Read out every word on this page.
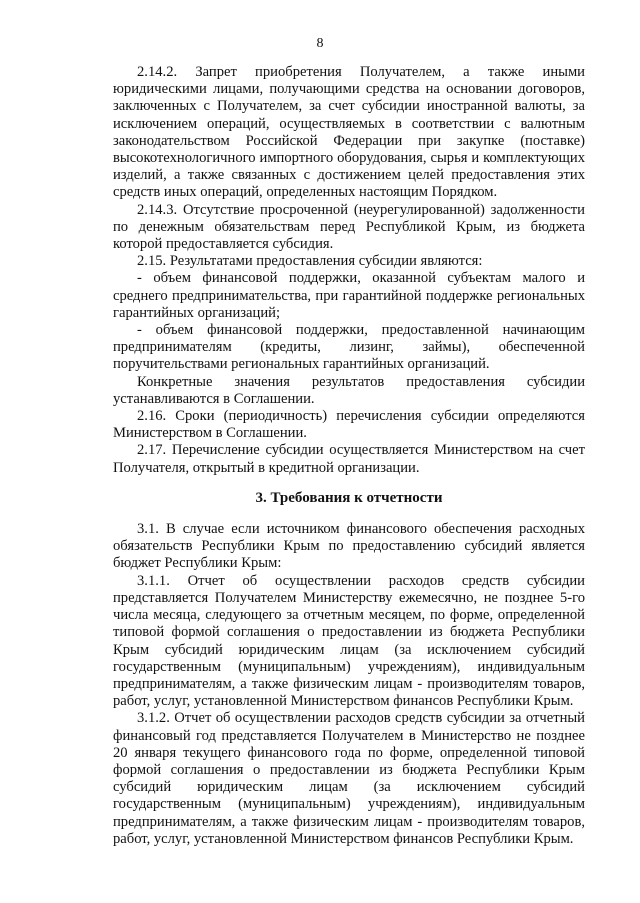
8

2.14.2. Запрет приобретения Получателем, а также иными юридическими лицами, получающими средства на основании договоров, заключенных с Получателем, за счет субсидии иностранной валюты, за исключением операций, осуществляемых в соответствии с валютным законодательством Российской Федерации при закупке (поставке) высокотехнологичного импортного оборудования, сырья и комплектующих изделий, а также связанных с достижением целей предоставления этих средств иных операций, определенных настоящим Порядком.

2.14.3. Отсутствие просроченной (неурегулированной) задолженности по денежным обязательствам перед Республикой Крым, из бюджета которой предоставляется субсидия.

2.15. Результатами предоставления субсидии являются:

- объем финансовой поддержки, оказанной субъектам малого и среднего предпринимательства, при гарантийной поддержке региональных гарантийных организаций;

- объем финансовой поддержки, предоставленной начинающим предпринимателям (кредиты, лизинг, займы), обеспеченной поручительствами региональных гарантийных организаций.

Конкретные значения результатов предоставления субсидии устанавливаются в Соглашении.

2.16. Сроки (периодичность) перечисления субсидии определяются Министерством в Соглашении.

2.17. Перечисление субсидии осуществляется Министерством на счет Получателя, открытый в кредитной организации.

3. Требования к отчетности

3.1. В случае если источником финансового обеспечения расходных обязательств Республики Крым по предоставлению субсидий является бюджет Республики Крым:

3.1.1. Отчет об осуществлении расходов средств субсидии представляется Получателем Министерству ежемесячно, не позднее 5-го числа месяца, следующего за отчетным месяцем, по форме, определенной типовой формой соглашения о предоставлении из бюджета Республики Крым субсидий юридическим лицам (за исключением субсидий государственным (муниципальным) учреждениям), индивидуальным предпринимателям, а также физическим лицам - производителям товаров, работ, услуг, установленной Министерством финансов Республики Крым.

3.1.2. Отчет об осуществлении расходов средств субсидии за отчетный финансовый год представляется Получателем в Министерство не позднее 20 января текущего финансового года по форме, определенной типовой формой соглашения о предоставлении из бюджета Республики Крым субсидий юридическим лицам (за исключением субсидий государственным (муниципальным) учреждениям), индивидуальным предпринимателям, а также физическим лицам - производителям товаров, работ, услуг, установленной Министерством финансов Республики Крым.
